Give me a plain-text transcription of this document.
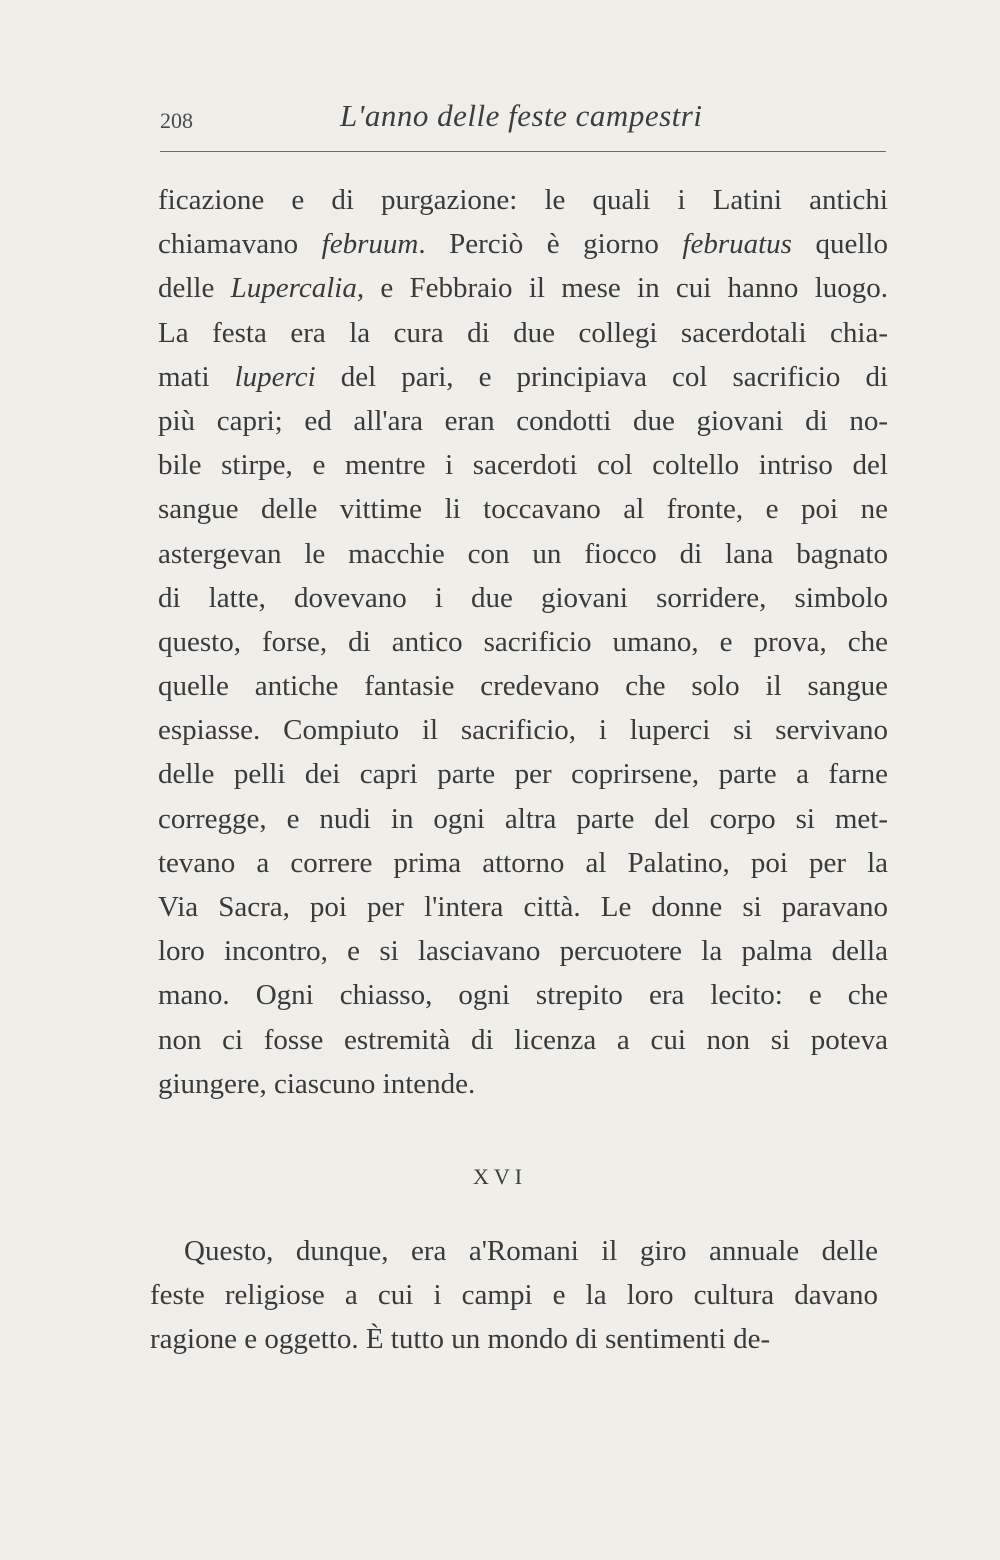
208	L'anno delle feste campestri
ficazione e di purgazione: le quali i Latini antichi
chiamavano februum. Perciò è giorno februatus quello
delle Lupercalia, e Febbraio il mese in cui hanno luogo.
La festa era la cura di due collegi sacerdotali chia-
mati luperci del pari, e principiava col sacrificio di
più capri; ed all'ara eran condotti due giovani di no-
bile stirpe, e mentre i sacerdoti col coltello intriso del
sangue delle vittime li toccavano al fronte, e poi ne
astergevan le macchie con un fiocco di lana bagnato
di latte, dovevano i due giovani sorridere, simbolo
questo, forse, di antico sacrificio umano, e prova, che
quelle antiche fantasie credevano che solo il sangue
espiasse. Compiuto il sacrificio, i luperci si servivano
delle pelli dei capri parte per coprirsene, parte a farne
corregge, e nudi in ogni altra parte del corpo si met-
tevano a correre prima attorno al Palatino, poi per la
Via Sacra, poi per l'intera città. Le donne si paravano
loro incontro, e si lasciavano percuotere la palma della
mano. Ogni chiasso, ogni strepito era lecito: e che
non ci fosse estremità di licenza a cui non si poteva
giungere, ciascuno intende.
XVI
Questo, dunque, era a'Romani il giro annuale delle
feste religiose a cui i campi e la loro cultura davano
ragione e oggetto. È tutto un mondo di sentimenti de-
